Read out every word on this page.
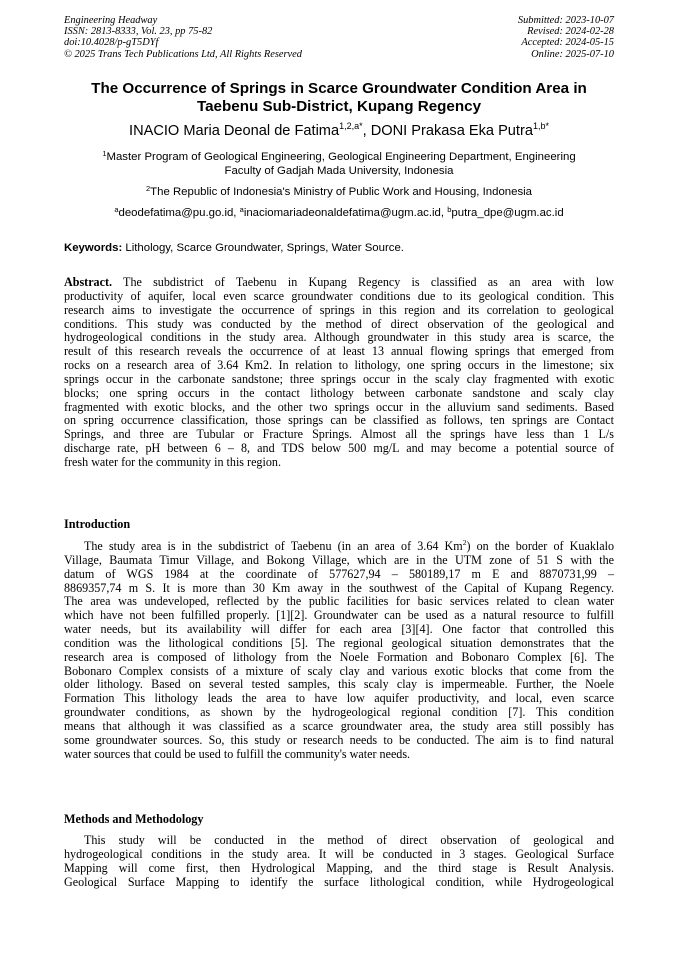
Engineering Headway
ISSN: 2813-8333, Vol. 23, pp 75-82
doi:10.4028/p-gT5DYf
© 2025 Trans Tech Publications Ltd, All Rights Reserved
Submitted: 2023-10-07
Revised: 2024-02-28
Accepted: 2024-05-15
Online: 2025-07-10
The Occurrence of Springs in Scarce Groundwater Condition Area in
Taebenu Sub-District, Kupang Regency
INACIO Maria Deonal de Fatima$^{1,2,a*}$, DONI Prakasa Eka Putra$^{1,b*}$
$^1$Master Program of Geological Engineering, Geological Engineering Department, Engineering
Faculty of Gadjah Mada University, Indonesia
$^2$The Republic of Indonesia's Ministry of Public Work and Housing, Indonesia
$^a$deodefatima@pu.go.id, $^a$inaciomariadeonaldefatima@ugm.ac.id, $^b$putra_dpe@ugm.ac.id
Keywords: Lithology, Scarce Groundwater, Springs, Water Source.
Abstract. The subdistrict of Taebenu in Kupang Regency is classified as an area with low
productivity of aquifer, local even scarce groundwater conditions due to its geological condition. This
research aims to investigate the occurrence of springs in this region and its correlation to geological
conditions. This study was conducted by the method of direct observation of the geological and
hydrogeological conditions in the study area. Although groundwater in this study area is scarce, the
result of this research reveals the occurrence of at least 13 annual flowing springs that emerged from
rocks on a research area of 3.64 Km2. In relation to lithology, one spring occurs in the limestone; six
springs occur in the carbonate sandstone; three springs occur in the scaly clay fragmented with exotic
blocks; one spring occurs in the contact lithology between carbonate sandstone and scaly clay
fragmented with exotic blocks, and the other two springs occur in the alluvium sand sediments. Based
on spring occurrence classification, those springs can be classified as follows, ten springs are Contact
Springs, and three are Tubular or Fracture Springs. Almost all the springs have less than 1 L/s
discharge rate, pH between 6 – 8, and TDS below 500 mg/L and may become a potential source of
fresh water for the community in this region.
Introduction
The study area is in the subdistrict of Taebenu (in an area of 3.64 Km$^2$) on the border of Kuaklalo
Village, Baumata Timur Village, and Bokong Village, which are in the UTM zone of 51 S with the
datum of WGS 1984 at the coordinate of 577627,94 – 580189,17 m E and 8870731,99 –
8869357,74 m S. It is more than 30 Km away in the southwest of the Capital of Kupang Regency.
The area was undeveloped, reflected by the public facilities for basic services related to clean water
which have not been fulfilled properly. [1][2]. Groundwater can be used as a natural resource to fulfill
water needs, but its availability will differ for each area [3][4]. One factor that controlled this
condition was the lithological conditions [5]. The regional geological situation demonstrates that the
research area is composed of lithology from the Noele Formation and Bobonaro Complex [6]. The
Bobonaro Complex consists of a mixture of scaly clay and various exotic blocks that come from the
older lithology. Based on several tested samples, this scaly clay is impermeable. Further, the Noele
Formation This lithology leads the area to have low aquifer productivity, and local, even scarce
groundwater conditions, as shown by the hydrogeological regional condition [7]. This condition
means that although it was classified as a scarce groundwater area, the study area still possibly has
some groundwater sources. So, this study or research needs to be conducted. The aim is to find natural
water sources that could be used to fulfill the community's water needs.
Methods and Methodology
This study will be conducted in the method of direct observation of geological and
hydrogeological conditions in the study area. It will be conducted in 3 stages. Geological Surface
Mapping will come first, then Hydrological Mapping, and the third stage is Result Analysis.
Geological Surface Mapping to identify the surface lithological condition, while Hydrogeological
